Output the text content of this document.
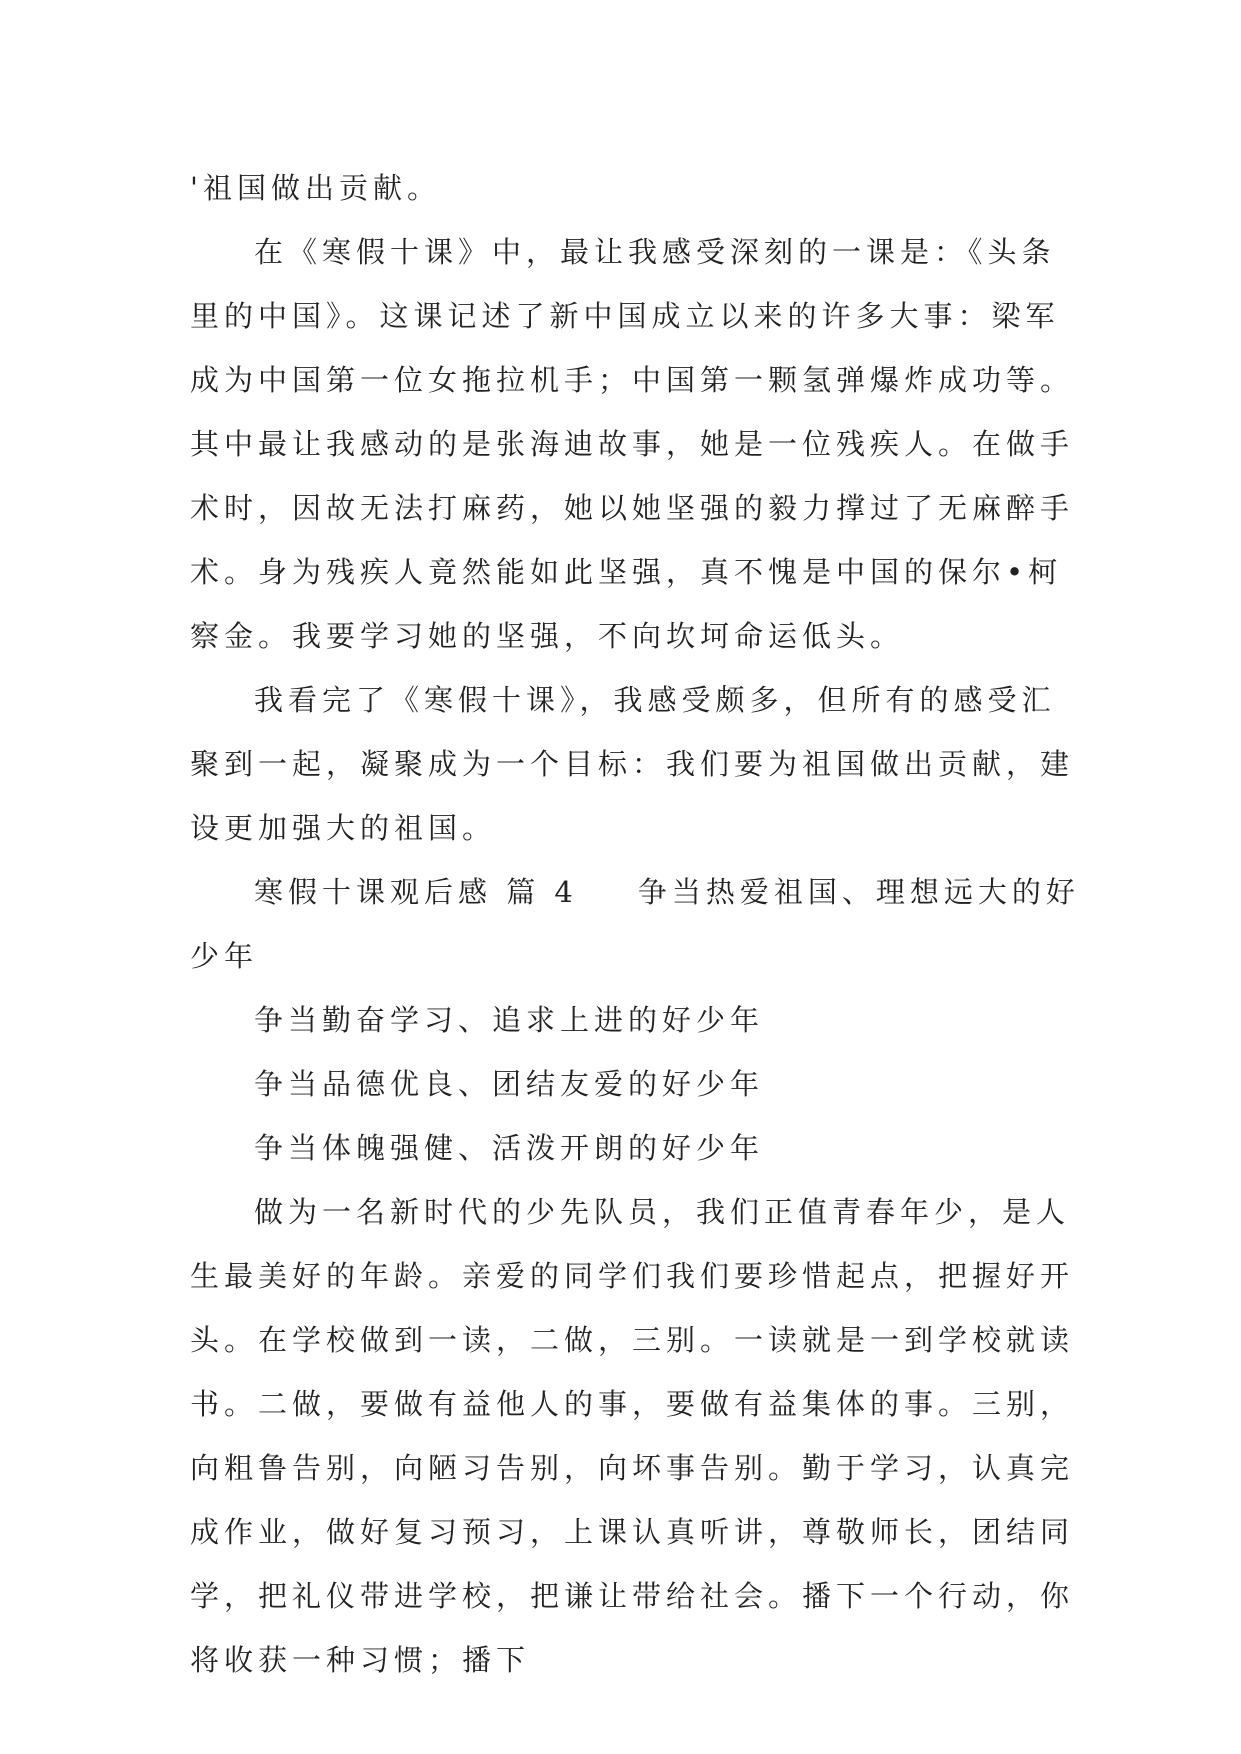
'祖国做出贡献。
在《寒假十课》中，最让我感受深刻的一课是：《头条
里的中国》。这课记述了新中国成立以来的许多大事：梁军
成为中国第一位女拖拉机手；中国第一颗氢弹爆炸成功等。
其中最让我感动的是张海迪故事，她是一位残疾人。在做手
术时，因故无法打麻药，她以她坚强的毅力撑过了无麻醉手
术。身为残疾人竟然能如此坚强，真不愧是中国的保尔•柯
察金。我要学习她的坚强，不向坎坷命运低头。
我看完了《寒假十课》，我感受颇多，但所有的感受汇
聚到一起，凝聚成为一个目标：我们要为祖国做出贡献，建
设更加强大的祖国。
寒假十课观后感 篇 4 争当热爱祖国、理想远大的好
少年
争当勤奋学习、追求上进的好少年
争当品德优良、团结友爱的好少年
争当体魄强健、活泼开朗的好少年
做为一名新时代的少先队员，我们正值青春年少，是人
生最美好的年龄。亲爱的同学们我们要珍惜起点，把握好开
头。在学校做到一读，二做，三别。一读就是一到学校就读
书。二做，要做有益他人的事，要做有益集体的事。三别，
向粗鲁告别，向陋习告别，向坏事告别。勤于学习，认真完
成作业，做好复习预习，上课认真听讲，尊敬师长，团结同
学，把礼仪带进学校，把谦让带给社会。播下一个行动，你
将收获一种习惯；播下
